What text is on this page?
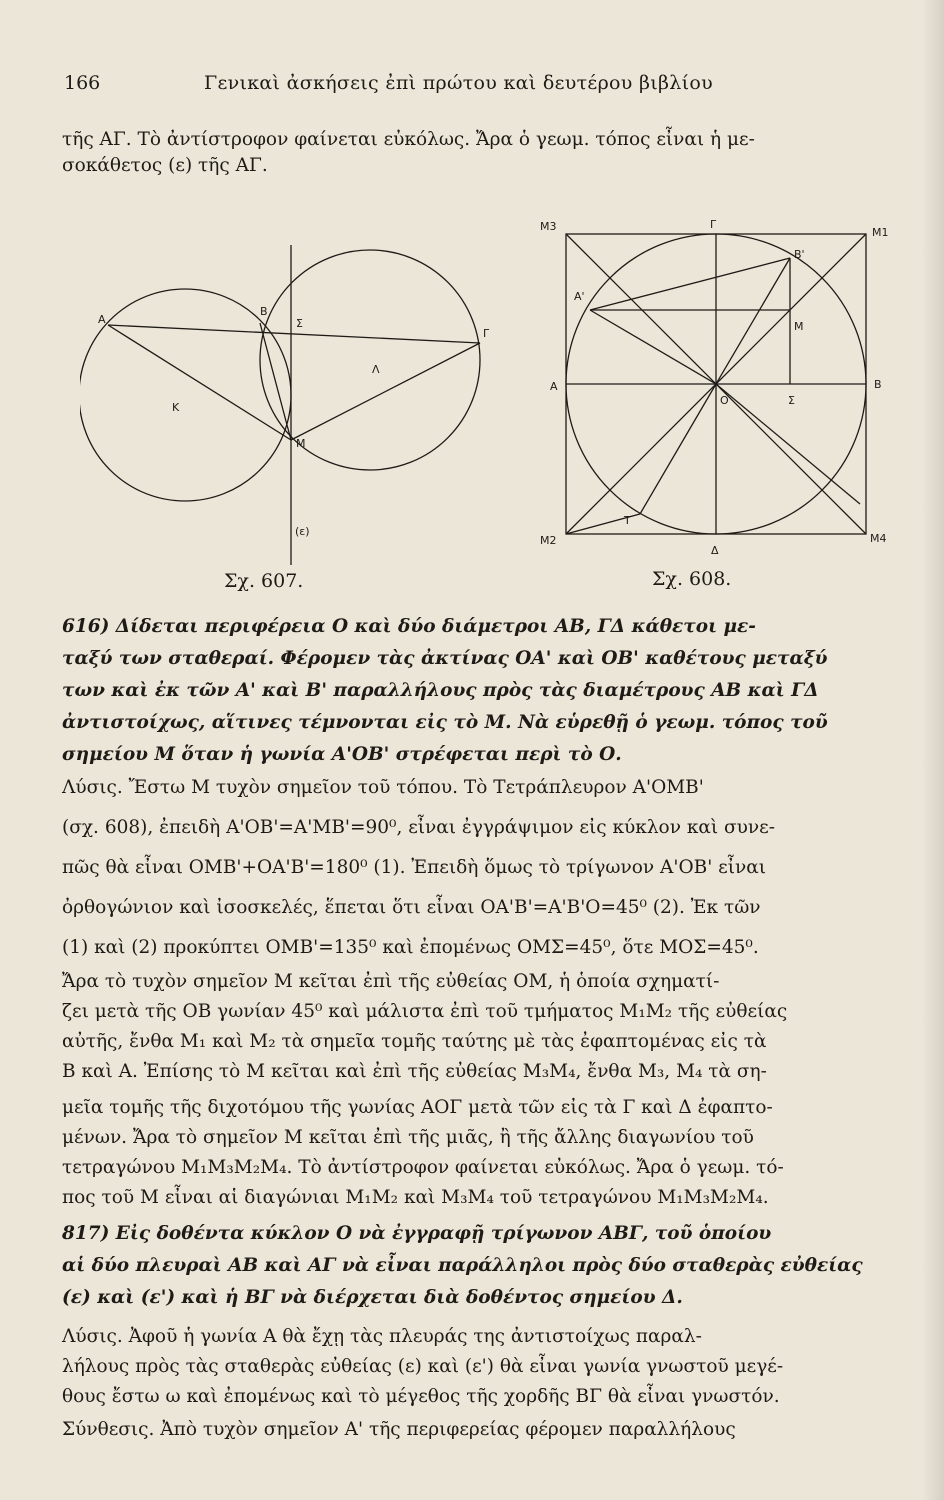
166	Γενικαὶ ἀσκήσεις ἐπὶ πρώτου καὶ δευτέρου βιβλίου
τῆς ΑΓ. Τὸ ἀντίστροφον φαίνεται εὐκόλως. Ἄρα ὁ γεωμ. τόπος εἶναι ἡ με-
σοκάθετος (ε) τῆς ΑΓ.
Α
Β
Σ
Γ
Λ
Κ
Μ
(ε)
Σχ. 607.
Μ3	Γ
Μ1
Β'
Α'
Μ
Α	Β
Ο	Σ
Τ
Μ2
Δ
Μ4
Σχ. 608.
616) Δίδεται περιφέρεια Ο καὶ δύο διάμετροι ΑΒ, ΓΔ κάθετοι με-
ταξύ των σταθεραί. Φέρομεν τὰς ἀκτίνας ΟΑ' καὶ ΟΒ' καθέτους μεταξύ
των καὶ ἐκ τῶν Α' καὶ Β' παραλλήλους πρὸς τὰς διαμέτρους ΑΒ καὶ ΓΔ
ἀντιστοίχως, αἵτινες τέμνονται εἰς τὸ Μ. Νὰ εὑρεθῇ ὁ γεωμ. τόπος τοῦ
σημείου Μ ὅταν ἡ γωνία Α'ΟΒ' στρέφεται περὶ τὸ Ο.
Λύσις. Ἔστω Μ τυχὸν σημεῖον τοῦ τόπου. Τὸ Τετράπλευρον Α'ΟΜΒ'
(σχ. 608), ἐπειδὴ Α'ΟΒ'=Α'ΜΒ'=90⁰, εἶναι ἐγγράψιμον εἰς κύκλον καὶ συνε-
πῶς θὰ εἶναι ΟΜΒ'+ΟΑ'Β'=180⁰ (1). Ἐπειδὴ ὅμως τὸ τρίγωνον Α'ΟΒ' εἶναι
ὀρθογώνιον καὶ ἰσοσκελές, ἕπεται ὅτι εἶναι ΟΑ'Β'=Α'Β'Ο=45⁰ (2). Ἐκ τῶν
(1) καὶ (2) προκύπτει ΟΜΒ'=135⁰ καὶ ἐπομένως ΟΜΣ=45⁰, ὅτε ΜΟΣ=45⁰.
Ἄρα τὸ τυχὸν σημεῖον Μ κεῖται ἐπὶ τῆς εὐθείας ΟΜ, ἡ ὁποία σχηματί-
ζει μετὰ τῆς ΟΒ γωνίαν 45⁰ καὶ μάλιστα ἐπὶ τοῦ τμήματος Μ₁Μ₂ τῆς εὐθείας
αὐτῆς, ἔνθα Μ₁ καὶ Μ₂ τὰ σημεῖα τομῆς ταύτης μὲ τὰς ἐφαπτομένας εἰς τὰ
Β καὶ Α. Ἐπίσης τὸ Μ κεῖται καὶ ἐπὶ τῆς εὐθείας Μ₃Μ₄, ἔνθα Μ₃, Μ₄ τὰ ση-
μεῖα τομῆς τῆς διχοτόμου τῆς γωνίας ΑΟΓ μετὰ τῶν εἰς τὰ Γ καὶ Δ ἐφαπτο-
μένων. Ἄρα τὸ σημεῖον Μ κεῖται ἐπὶ τῆς μιᾶς, ἢ τῆς ἄλλης διαγωνίου τοῦ
τετραγώνου Μ₁Μ₃Μ₂Μ₄. Τὸ ἀντίστροφον φαίνεται εὐκόλως. Ἄρα ὁ γεωμ. τό-
πος τοῦ Μ εἶναι αἱ διαγώνιαι Μ₁Μ₂ καὶ Μ₃Μ₄ τοῦ τετραγώνου Μ₁Μ₃Μ₂Μ₄.
817) Εἰς δοθέντα κύκλον Ο νὰ ἐγγραφῇ τρίγωνον ΑΒΓ, τοῦ ὁποίου
αἱ δύο πλευραὶ ΑΒ καὶ ΑΓ νὰ εἶναι παράλληλοι πρὸς δύο σταθερὰς εὐθείας
(ε) καὶ (ε') καὶ ἡ ΒΓ νὰ διέρχεται διὰ δοθέντος σημείου Δ.
Λύσις. Ἀφοῦ ἡ γωνία Α θὰ ἔχῃ τὰς πλευράς της ἀντιστοίχως παραλ-
λήλους πρὸς τὰς σταθερὰς εὐθείας (ε) καὶ (ε') θὰ εἶναι γωνία γνωστοῦ μεγέ-
θους ἔστω ω καὶ ἐπομένως καὶ τὸ μέγεθος τῆς χορδῆς ΒΓ θὰ εἶναι γνωστόν.
Σύνθεσις. Ἀπὸ τυχὸν σημεῖον Α' τῆς περιφερείας φέρομεν παραλλήλους
